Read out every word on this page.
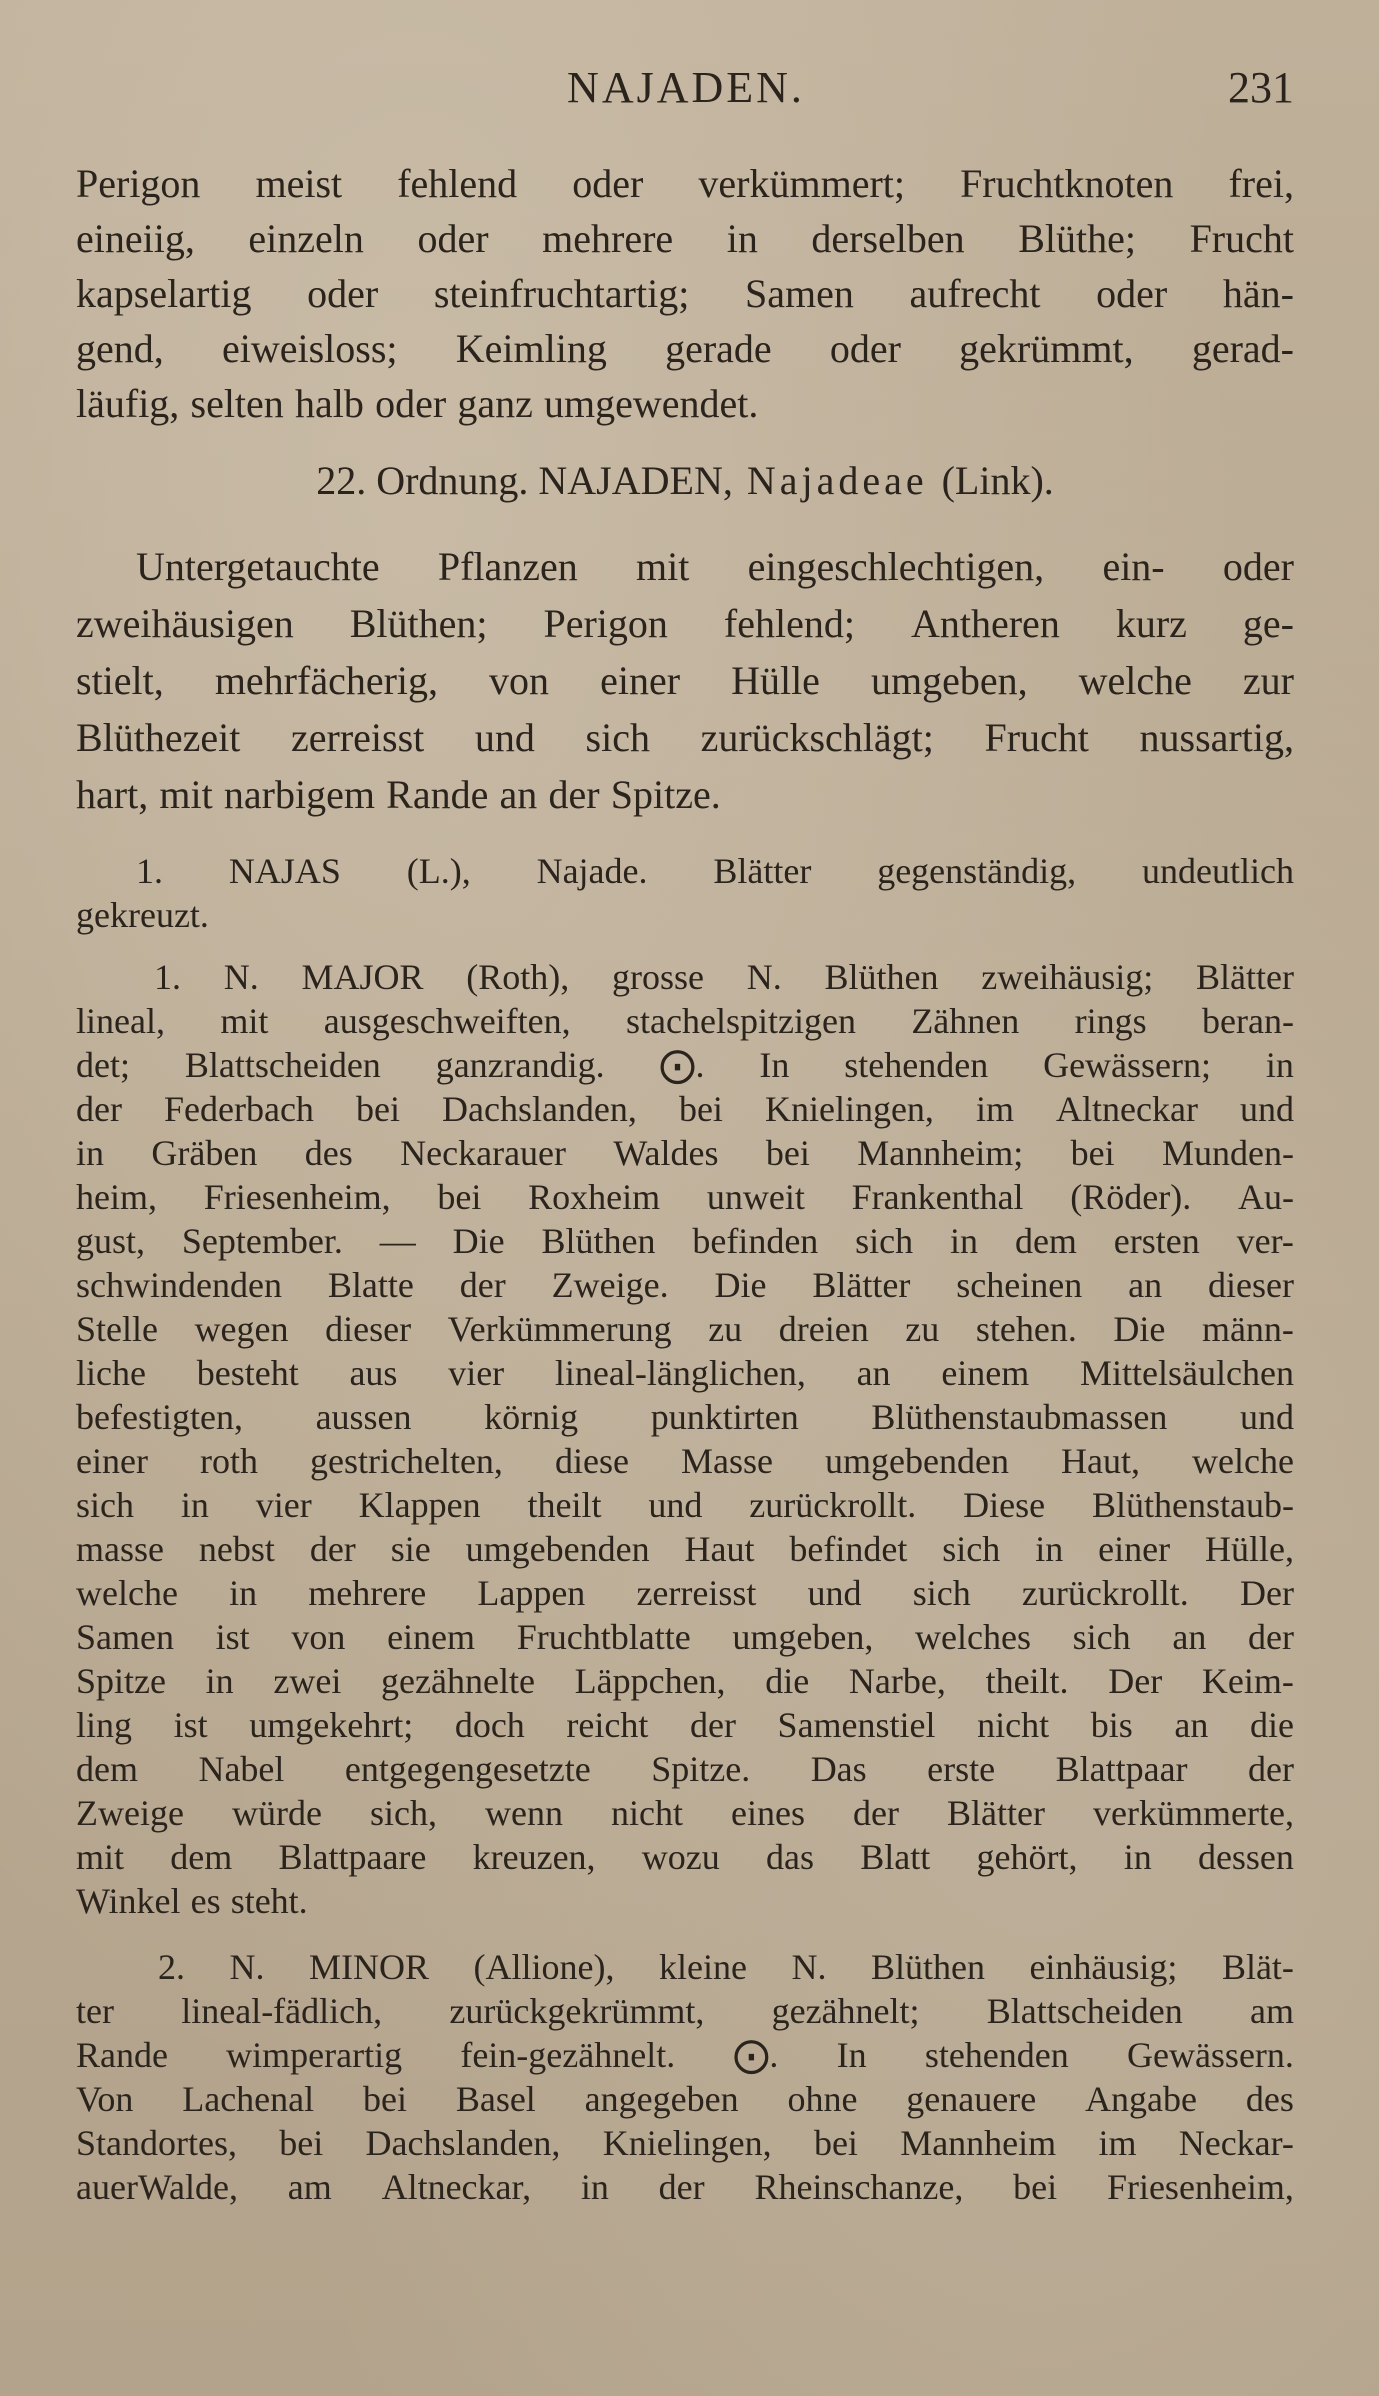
NAJADEN.	231
Perigon meist fehlend oder verkümmert; Fruchtknoten frei,
eineiig, einzeln oder mehrere in derselben Blüthe; Frucht
kapselartig oder steinfruchtartig; Samen aufrecht oder hän-
gend, eiweisloss; Keimling gerade oder gekrümmt, gerad-
läufig, selten halb oder ganz umgewendet.
22. Ordnung. NAJADEN, Najadeae (Link).
Untergetauchte Pflanzen mit eingeschlechtigen, ein- oder
zweihäusigen Blüthen; Perigon fehlend; Antheren kurz ge-
stielt, mehrfächerig, von einer Hülle umgeben, welche zur
Blüthezeit zerreisst und sich zurückschlägt; Frucht nussartig,
hart, mit narbigem Rande an der Spitze.
1. NAJAS (L.), Najade. Blätter gegenständig, undeutlich
gekreuzt.
1. N. MAJOR (Roth), grosse N. Blüthen zweihäusig; Blätter
lineal, mit ausgeschweiften, stachelspitzigen Zähnen rings beran-
det; Blattscheiden ganzrandig. ⨀. In stehenden Gewässern; in
der Federbach bei Dachslanden, bei Knielingen, im Altneckar und
in Gräben des Neckarauer Waldes bei Mannheim; bei Munden-
heim, Friesenheim, bei Roxheim unweit Frankenthal (Röder). Au-
gust, September. — Die Blüthen befinden sich in dem ersten ver-
schwindenden Blatte der Zweige. Die Blätter scheinen an dieser
Stelle wegen dieser Verkümmerung zu dreien zu stehen. Die männ-
liche besteht aus vier lineal-länglichen, an einem Mittelsäulchen
befestigten, aussen körnig punktirten Blüthenstaubmassen und
einer roth gestrichelten, diese Masse umgebenden Haut, welche
sich in vier Klappen theilt und zurückrollt. Diese Blüthenstaub-
masse nebst der sie umgebenden Haut befindet sich in einer Hülle,
welche in mehrere Lappen zerreisst und sich zurückrollt. Der
Samen ist von einem Fruchtblatte umgeben, welches sich an der
Spitze in zwei gezähnelte Läppchen, die Narbe, theilt. Der Keim-
ling ist umgekehrt; doch reicht der Samenstiel nicht bis an die
dem Nabel entgegengesetzte Spitze. Das erste Blattpaar der
Zweige würde sich, wenn nicht eines der Blätter verkümmerte,
mit dem Blattpaare kreuzen, wozu das Blatt gehört, in dessen
Winkel es steht.
2. N. MINOR (Allione), kleine N. Blüthen einhäusig; Blät-
ter lineal-fädlich, zurückgekrümmt, gezähnelt; Blattscheiden am
Rande wimperartig fein-gezähnelt. ⨀. In stehenden Gewässern.
Von Lachenal bei Basel angegeben ohne genauere Angabe des
Standortes, bei Dachslanden, Knielingen, bei Mannheim im Neckar-
auerWalde, am Altneckar, in der Rheinschanze, bei Friesenheim,
